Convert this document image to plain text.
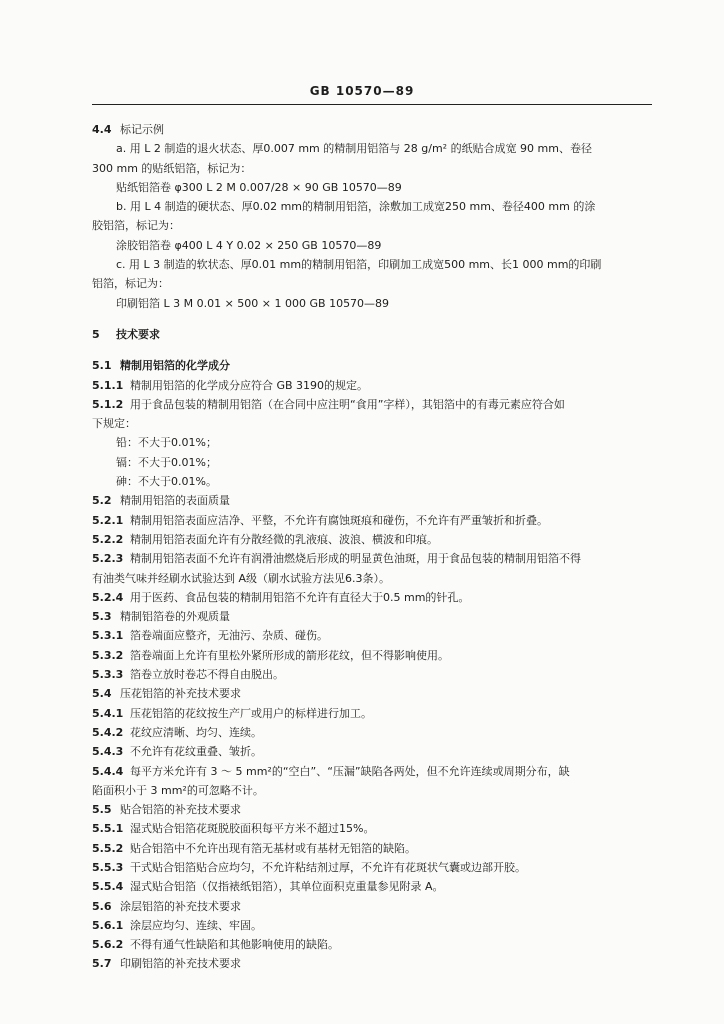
GB 10570—89
4.4 标记示例
a. 用 L 2 制造的退火状态、厚0.007 mm 的精制用铝箔与 28 g/m² 的纸贴合成宽 90 mm、卷径
300 mm 的贴纸铝箔，标记为：
贴纸铝箔卷 φ300 L 2 M 0.007/28 × 90 GB 10570—89
b. 用 L 4 制造的硬状态、厚0.02 mm的精制用铝箔，涂敷加工成宽250 mm、卷径400 mm 的涂
胶铝箔，标记为：
涂胶铝箔卷 φ400 L 4 Y 0.02 × 250 GB 10570—89
c. 用 L 3 制造的软状态、厚0.01 mm的精制用铝箔，印刷加工成宽500 mm、长1 000 mm的印刷
铝箔，标记为：
印刷铝箔 L 3 M 0.01 × 500 × 1 000 GB 10570—89
5 技术要求
5.1 精制用铝箔的化学成分
5.1.1 精制用铝箔的化学成分应符合 GB 3190的规定。
5.1.2 用于食品包装的精制用铝箔（在合同中应注明“食用”字样），其铝箔中的有毒元素应符合如
下规定：
铅：不大于0.01%；
镉：不大于0.01%；
砷：不大于0.01%。
5.2 精制用铝箔的表面质量
5.2.1 精制用铝箔表面应洁净、平整，不允许有腐蚀斑痕和碰伤，不允许有严重皱折和折叠。
5.2.2 精制用铝箔表面允许有分散经微的乳液痕、波浪、横波和印痕。
5.2.3 精制用铝箔表面不允许有润滑油燃烧后形成的明显黄色油斑，用于食品包装的精制用铝箔不得
有油类气味并经刷水试验达到 A级（刷水试验方法见6.3条）。
5.2.4 用于医药、食品包装的精制用铝箔不允许有直径大于0.5 mm的针孔。
5.3 精制铝箔卷的外观质量
5.3.1 箔卷端面应整齐，无油污、杂质、碰伤。
5.3.2 箔卷端面上允许有里松外紧所形成的箭形花纹，但不得影响使用。
5.3.3 箔卷立放时卷芯不得自由脱出。
5.4 压花铝箔的补充技术要求
5.4.1 压花铝箔的花纹按生产厂或用户的标样进行加工。
5.4.2 花纹应清晰、均匀、连续。
5.4.3 不允许有花纹重叠、皱折。
5.4.4 每平方米允许有 3 ～ 5 mm²的“空白”、“压漏”缺陷各两处，但不允许连续或周期分布，缺
陷面积小于 3 mm²的可忽略不计。
5.5 贴合铝箔的补充技术要求
5.5.1 湿式贴合铝箔花斑脱胶面积每平方米不超过15%。
5.5.2 贴合铝箔中不允许出现有箔无基材或有基材无铝箔的缺陷。
5.5.3 干式贴合铝箔贴合应均匀，不允许粘结剂过厚，不允许有花斑状气囊或边部开胶。
5.5.4 湿式贴合铝箔（仅指裱纸铝箔），其单位面积克重量参见附录 A。
5.6 涂层铝箔的补充技术要求
5.6.1 涂层应均匀、连续、牢固。
5.6.2 不得有通气性缺陷和其他影响使用的缺陷。
5.7 印刷铝箔的补充技术要求
